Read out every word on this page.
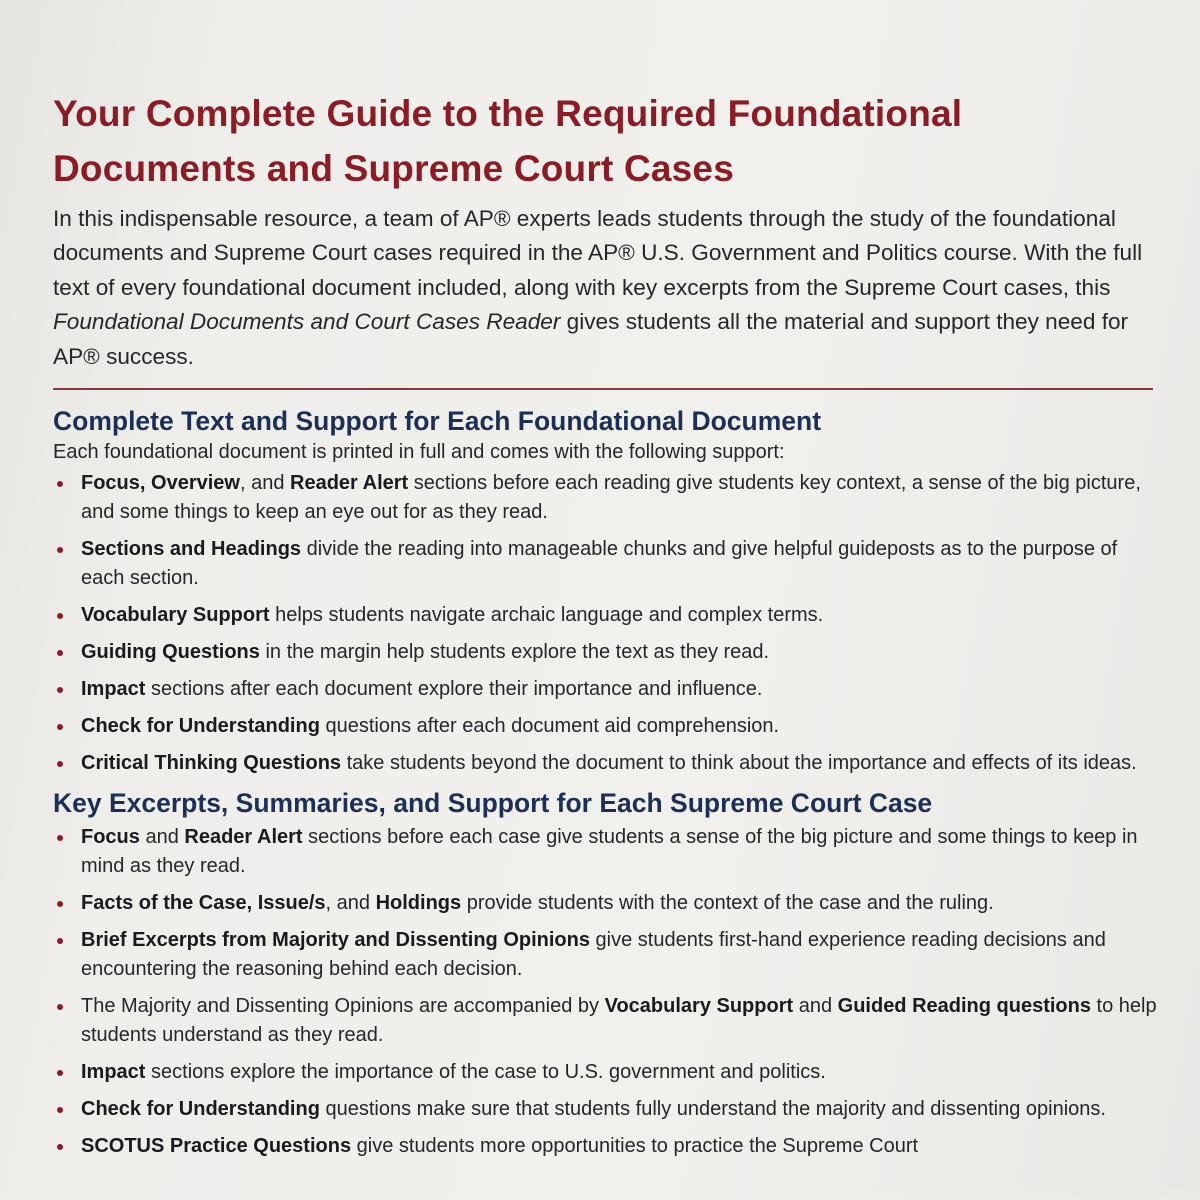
Your Complete Guide to the Required Foundational
Documents and Supreme Court Cases

In this indispensable resource, a team of AP® experts leads students through the study of the foundational documents and Supreme Court cases required in the AP® U.S. Government and Politics course. With the full text of every foundational document included, along with key excerpts from the Supreme Court cases, this Foundational Documents and Court Cases Reader gives students all the material and support they need for AP® success.

Complete Text and Support for Each Foundational Document

Each foundational document is printed in full and comes with the following support:

Focus, Overview, and Reader Alert sections before each reading give students key context, a sense of the big picture, and some things to keep an eye out for as they read.
Sections and Headings divide the reading into manageable chunks and give helpful guideposts as to the purpose of each section.
Vocabulary Support helps students navigate archaic language and complex terms.
Guiding Questions in the margin help students explore the text as they read.
Impact sections after each document explore their importance and influence.
Check for Understanding questions after each document aid comprehension.
Critical Thinking Questions take students beyond the document to think about the importance and effects of its ideas.
Key Excerpts, Summaries, and Support for Each Supreme Court Case
Focus and Reader Alert sections before each case give students a sense of the big picture and some things to keep in mind as they read.
Facts of the Case, Issue/s, and Holdings provide students with the context of the case and the ruling.
Brief Excerpts from Majority and Dissenting Opinions give students first-hand experience reading decisions and encountering the reasoning behind each decision.
The Majority and Dissenting Opinions are accompanied by Vocabulary Support and Guided Reading questions to help students understand as they read.
Impact sections explore the importance of the case to U.S. government and politics.
Check for Understanding questions make sure that students fully understand the majority and dissenting opinions.
SCOTUS Practice Questions give students more opportunities to practice the Supreme Court
